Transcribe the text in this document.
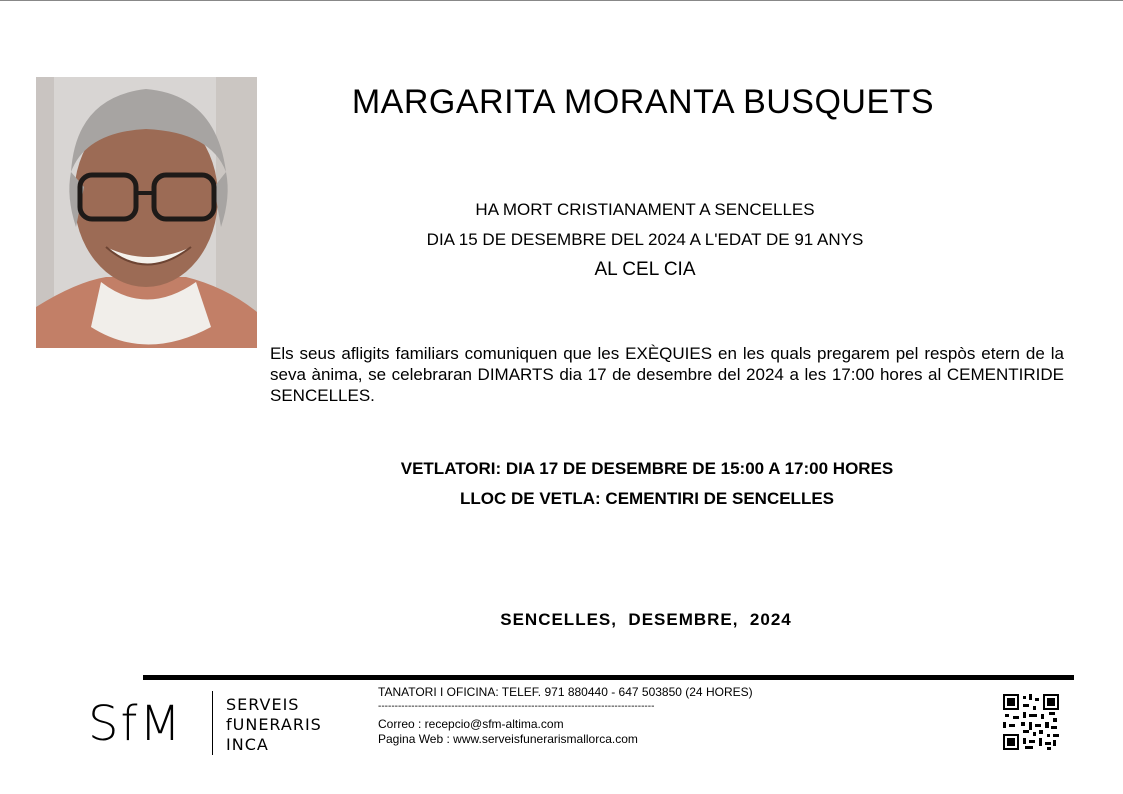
MARGARITA MORANTA BUSQUETS
HA MORT CRISTIANAMENT A SENCELLES
DIA 15 DE DESEMBRE DEL 2024 A L'EDAT DE 91 ANYS
AL CEL CIA
Els seus afligits familiars comuniquen que les EXÈQUIES en les quals pregarem pel respòs etern de la seva ànima, se celebraran DIMARTS dia 17 de desembre del 2024 a les 17:00 hores al CEMENTIRIDE SENCELLES.
VETLATORI: DIA 17 DE DESEMBRE DE 15:00 A 17:00 HORES
LLOC DE VETLA: CEMENTIRI DE SENCELLES
SENCELLES,  DESEMBRE,  2024
SfM	SERVEIS
fUNERARIS
INCA
TANATORI I OFICINA: TELEF. 971 880440 - 647 503850 (24 HORES)
-----------------------------------------------------------------------------------
Correo : recepcio@sfm-altima.com
Pagina Web : www.serveisfunerarismallorca.com
